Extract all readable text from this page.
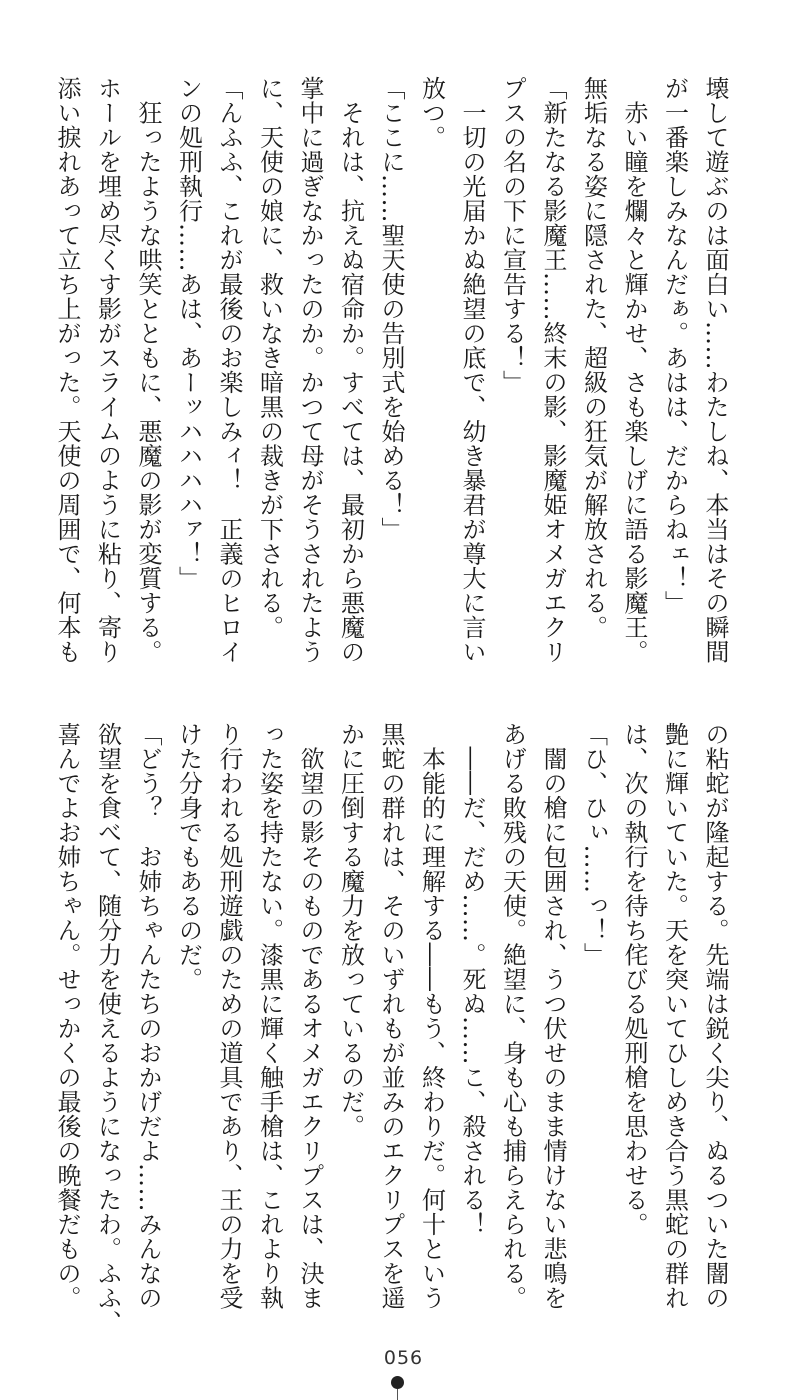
壊して遊ぶのは面白い……わたしね、本当はその瞬間
が一番楽しみなんだぁ。あはは、だからねェ！」
　赤い瞳を爛々と輝かせ、さも楽しげに語る影魔王。
無垢なる姿に隠された、超級の狂気が解放される。
「新たなる影魔王……終末の影、影魔姫オメガエクリ
プスの名の下に宣告する！」
　一切の光届かぬ絶望の底で、幼き暴君が尊大に言い
放つ。
「ここに……聖天使の告別式を始める！」
　それは、抗えぬ宿命か。すべては、最初から悪魔の
掌中に過ぎなかったのか。かつて母がそうされたよう
に、天使の娘に、救いなき暗黒の裁きが下される。
「んふふ、これが最後のお楽しみィ！　正義のヒロイ
ンの処刑執行……あは、あーッハハハハァ！」
　狂ったような哄笑とともに、悪魔の影が変質する。
ホールを埋め尽くす影がスライムのように粘り、寄り
添い捩れあって立ち上がった。天使の周囲で、何本も
の粘蛇が隆起する。先端は鋭く尖り、ぬるついた闇の
艶に輝いていた。天を突いてひしめき合う黒蛇の群れ
は、次の執行を待ち侘びる処刑槍を思わせる。
「ひ、ひぃ……っ！」
　闇の槍に包囲され、うつ伏せのまま情けない悲鳴を
あげる敗残の天使。絶望に、身も心も捕らえられる。
　――だ、だめ……。死ぬ……こ、殺される！
　本能的に理解する――もう、終わりだ。何十という
黒蛇の群れは、そのいずれもが並みのエクリプスを遥
かに圧倒する魔力を放っているのだ。
　欲望の影そのものであるオメガエクリプスは、決ま
った姿を持たない。漆黒に輝く触手槍は、これより執
り行われる処刑遊戯のための道具であり、王の力を受
けた分身でもあるのだ。
「どう？　お姉ちゃんたちのおかげだよ……みんなの
欲望を食べて、随分力を使えるようになったわ。ふふ、
喜んでよお姉ちゃん。せっかくの最後の晩餐だもの。
056
